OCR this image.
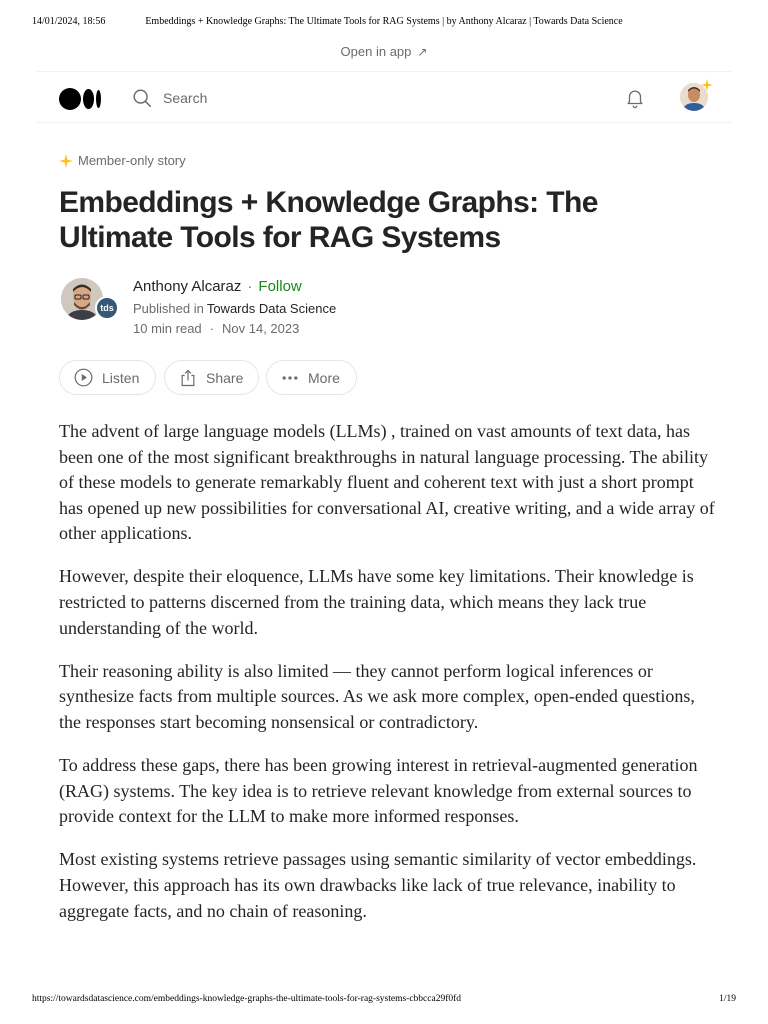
14/01/2024, 18:56	Embeddings + Knowledge Graphs: The Ultimate Tools for RAG Systems | by Anthony Alcaraz | Towards Data Science
Open in app ↗
Search
Member-only story
Embeddings + Knowledge Graphs: The Ultimate Tools for RAG Systems
tds
Anthony Alcaraz · Follow
Published in Towards Data Science
10 min read · Nov 14, 2023
Listen	Share	More

The advent of large language models (LLMs) , trained on vast amounts of text data, has been one of the most significant breakthroughs in natural language processing. The ability of these models to generate remarkably fluent and coherent text with just a short prompt has opened up new possibilities for conversational AI, creative writing, and a wide array of other applications.

However, despite their eloquence, LLMs have some key limitations. Their knowledge is restricted to patterns discerned from the training data, which means they lack true understanding of the world.

Their reasoning ability is also limited — they cannot perform logical inferences or synthesize facts from multiple sources. As we ask more complex, open-ended questions, the responses start becoming nonsensical or contradictory.

To address these gaps, there has been growing interest in retrieval-augmented generation (RAG) systems. The key idea is to retrieve relevant knowledge from external sources to provide context for the LLM to make more informed responses.

Most existing systems retrieve passages using semantic similarity of vector embeddings. However, this approach has its own drawbacks like lack of true relevance, inability to aggregate facts, and no chain of reasoning.

https://towardsdatascience.com/embeddings-knowledge-graphs-the-ultimate-tools-for-rag-systems-cbbcca29f0fd	1/19
